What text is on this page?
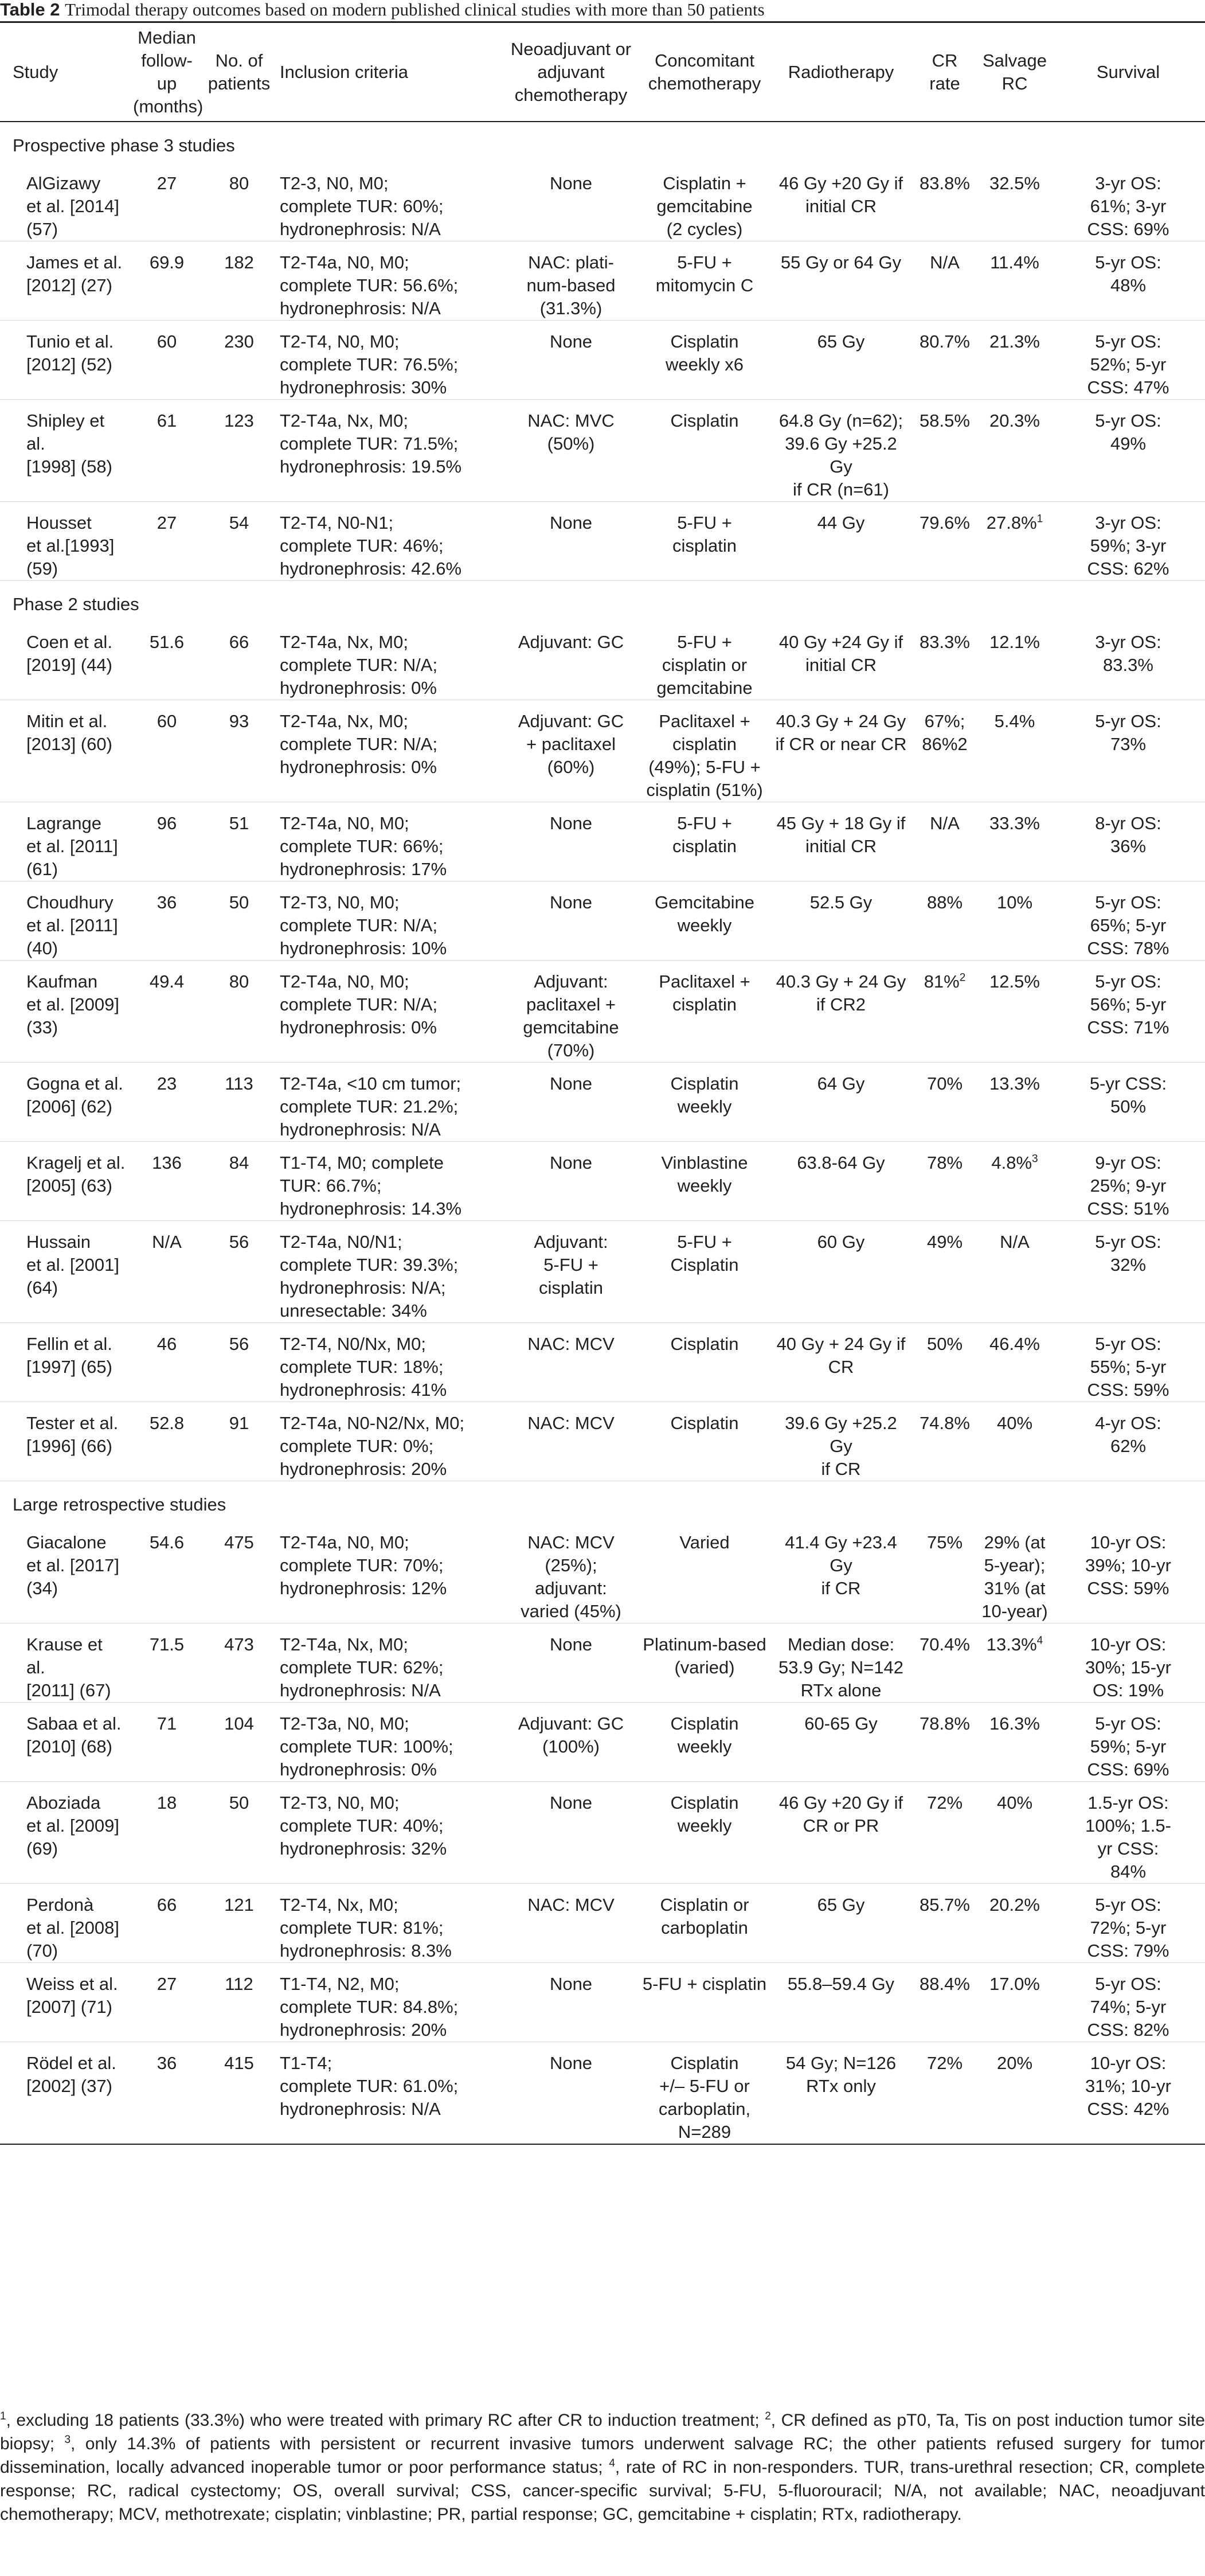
Table 2 Trimodal therapy outcomes based on modern published clinical studies with more than 50 patients
Study	Median follow-up (months)	No. of patients	Inclusion criteria	Neoadjuvant or adjuvant chemotherapy	Concomitant chemotherapy	Radiotherapy	CR rate	Salvage RC	Survival
Prospective phase 3 studies									

AlGizawy
et al. [2014]
(57)	27	80	T2-3, N0, M0;
complete TUR: 60%;
hydronephrosis: N/A	None	Cisplatin +
gemcitabine
(2 cycles)	46 Gy +20 Gy if
initial CR	83.8%	32.5%	3-yr OS:
61%; 3-yr
CSS: 69%

James et al.
[2012] (27)	69.9	182	T2-T4a, N0, M0;
complete TUR: 56.6%;
hydronephrosis: N/A	NAC: plati-
num-based
(31.3%)	5-FU +
mitomycin C	55 Gy or 64 Gy	N/A	11.4%	5-yr OS:
48%

Tunio et al.
[2012] (52)	60	230	T2-T4, N0, M0;
complete TUR: 76.5%;
hydronephrosis: 30%	None	Cisplatin
weekly x6	65 Gy	80.7%	21.3%	5-yr OS:
52%; 5-yr
CSS: 47%

Shipley et al.
[1998] (58)	61	123	T2-T4a, Nx, M0;
complete TUR: 71.5%;
hydronephrosis: 19.5%	NAC: MVC
(50%)	Cisplatin	64.8 Gy (n=62);
39.6 Gy +25.2 Gy
if CR (n=61)	58.5%	20.3%	5-yr OS:
49%

Housset
et al.[1993]
(59)	27	54	T2-T4, N0-N1;
complete TUR: 46%;
hydronephrosis: 42.6%	None	5-FU +
cisplatin	44 Gy	79.6%	27.8%$^1$	3-yr OS:
59%; 3-yr
CSS: 62%

Phase 2 studies									

Coen et al.
[2019] (44)	51.6	66	T2-T4a, Nx, M0;
complete TUR: N/A;
hydronephrosis: 0%	Adjuvant: GC	5-FU +
cisplatin or
gemcitabine	40 Gy +24 Gy if
initial CR	83.3%	12.1%	3-yr OS:
83.3%

Mitin et al.
[2013] (60)	60	93	T2-T4a, Nx, M0;
complete TUR: N/A;
hydronephrosis: 0%	Adjuvant: GC
+ paclitaxel
(60%)	Paclitaxel +
cisplatin
(49%); 5-FU +
cisplatin (51%)	40.3 Gy + 24 Gy
if CR or near CR	67%;
86%2	5.4%	5-yr OS:
73%

Lagrange
et al. [2011]
(61)	96	51	T2-T4a, N0, M0;
complete TUR: 66%;
hydronephrosis: 17%	None	5-FU +
cisplatin	45 Gy + 18 Gy if
initial CR	N/A	33.3%	8-yr OS:
36%

Choudhury
et al. [2011]
(40)	36	50	T2-T3, N0, M0;
complete TUR: N/A;
hydronephrosis: 10%	None	Gemcitabine
weekly	52.5 Gy	88%	10%	5-yr OS:
65%; 5-yr
CSS: 78%

Kaufman
et al. [2009]
(33)	49.4	80	T2-T4a, N0, M0;
complete TUR: N/A;
hydronephrosis: 0%	Adjuvant:
paclitaxel +
gemcitabine
(70%)	Paclitaxel +
cisplatin	40.3 Gy + 24 Gy
if CR2	81%$^2$	12.5%	5-yr OS:
56%; 5-yr
CSS: 71%

Gogna et al.
[2006] (62)	23	113	T2-T4a, <10 cm tumor;
complete TUR: 21.2%;
hydronephrosis: N/A	None	Cisplatin
weekly	64 Gy	70%	13.3%	5-yr CSS:
50%

Kragelj et al.
[2005] (63)	136	84	T1-T4, M0; complete
TUR: 66.7%;
hydronephrosis: 14.3%	None	Vinblastine
weekly	63.8-64 Gy	78%	4.8%$^3$	9-yr OS:
25%; 9-yr
CSS: 51%

Hussain
et al. [2001]
(64)	N/A	56	T2-T4a, N0/N1;
complete TUR: 39.3%;
hydronephrosis: N/A;
unresectable: 34%	Adjuvant:
5-FU +
cisplatin	5-FU +
Cisplatin	60 Gy	49%	N/A	5-yr OS:
32%

Fellin et al.
[1997] (65)	46	56	T2-T4, N0/Nx, M0;
complete TUR: 18%;
hydronephrosis: 41%	NAC: MCV	Cisplatin	40 Gy + 24 Gy if
CR	50%	46.4%	5-yr OS:
55%; 5-yr
CSS: 59%

Tester et al.
[1996] (66)	52.8	91	T2-T4a, N0-N2/Nx, M0;
complete TUR: 0%;
hydronephrosis: 20%	NAC: MCV	Cisplatin	39.6 Gy +25.2 Gy
if CR	74.8%	40%	4-yr OS:
62%

Large retrospective studies									

Giacalone
et al. [2017]
(34)	54.6	475	T2-T4a, N0, M0;
complete TUR: 70%;
hydronephrosis: 12%	NAC: MCV
(25%);
adjuvant:
varied (45%)	Varied	41.4 Gy +23.4 Gy
if CR	75%	29% (at
5-year);
31% (at
10-year)	10-yr OS:
39%; 10-yr
CSS: 59%

Krause et al.
[2011] (67)	71.5	473	T2-T4a, Nx, M0;
complete TUR: 62%;
hydronephrosis: N/A	None	Platinum-based
(varied)	Median dose:
53.9 Gy; N=142
RTx alone	70.4%	13.3%$^4$	10-yr OS:
30%; 15-yr
OS: 19%

Sabaa et al.
[2010] (68)	71	104	T2-T3a, N0, M0;
complete TUR: 100%;
hydronephrosis: 0%	Adjuvant: GC
(100%)	Cisplatin
weekly	60-65 Gy	78.8%	16.3%	5-yr OS:
59%; 5-yr
CSS: 69%

Aboziada
et al. [2009]
(69)	18	50	T2-T3, N0, M0;
complete TUR: 40%;
hydronephrosis: 32%	None	Cisplatin
weekly	46 Gy +20 Gy if
CR or PR	72%	40%	1.5-yr OS:
100%; 1.5-
yr CSS:
84%

Perdonà
et al. [2008]
(70)	66	121	T2-T4, Nx, M0;
complete TUR: 81%;
hydronephrosis: 8.3%	NAC: MCV	Cisplatin or
carboplatin	65 Gy	85.7%	20.2%	5-yr OS:
72%; 5-yr
CSS: 79%

Weiss et al.
[2007] (71)	27	112	T1-T4, N2, M0;
complete TUR: 84.8%;
hydronephrosis: 20%	None	5-FU + cisplatin	55.8–59.4 Gy	88.4%	17.0%	5-yr OS:
74%; 5-yr
CSS: 82%

Rödel et al.
[2002] (37)	36	415	T1-T4;
complete TUR: 61.0%;
hydronephrosis: N/A	None	Cisplatin
+/– 5-FU or
carboplatin,
N=289	54 Gy; N=126
RTx only	72%	20%	10-yr OS:
31%; 10-yr
CSS: 42%
$^1$, excluding 18 patients (33.3%) who were treated with primary RC after CR to induction treatment; $^2$, CR defined as pT0, Ta, Tis on post induction tumor site biopsy; $^3$, only 14.3% of patients with persistent or recurrent invasive tumors underwent salvage RC; the other patients refused surgery for tumor dissemination, locally advanced inoperable tumor or poor performance status; $^4$, rate of RC in non-responders. TUR, trans-urethral resection; CR, complete response; RC, radical cystectomy; OS, overall survival; CSS, cancer-specific survival; 5-FU, 5-fluorouracil; N/A, not available; NAC, neoadjuvant chemotherapy; MCV, methotrexate; cisplatin; vinblastine; PR, partial response; GC, gemcitabine + cisplatin; RTx, radiotherapy.
